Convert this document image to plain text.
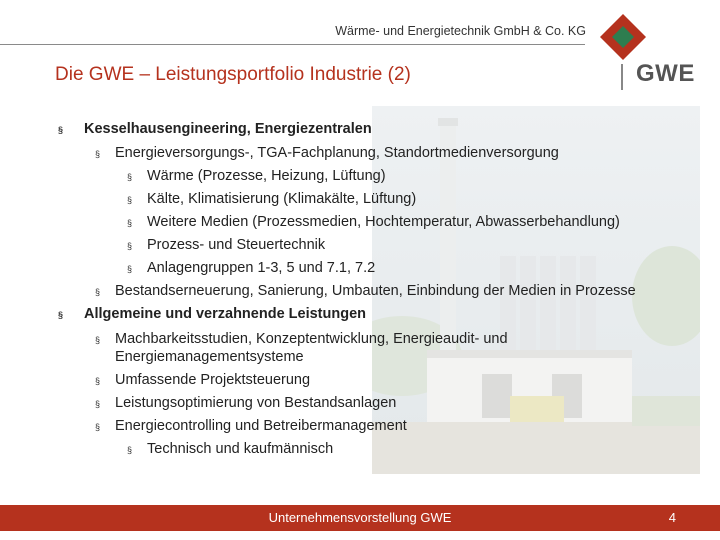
Wärme- und Energietechnik GmbH & Co. KG
GWE
Die GWE – Leistungsportfolio Industrie (2)
§ Kesselhausengineering, Energiezentralen
§ Energieversorgungs-, TGA-Fachplanung, Standortmedienversorgung
§ Wärme (Prozesse, Heizung, Lüftung)
§ Kälte, Klimatisierung (Klimakälte, Lüftung)
§ Weitere Medien (Prozessmedien, Hochtemperatur, Abwasserbehandlung)
§ Prozess- und Steuertechnik
§ Anlagengruppen 1-3, 5 und 7.1, 7.2
§ Bestandserneuerung, Sanierung, Umbauten, Einbindung der Medien in Prozesse
§ Allgemeine und verzahnende Leistungen
§ Machbarkeitsstudien, Konzeptentwicklung, Energieaudit- und
Energiemanagementsysteme
§ Umfassende Projektsteuerung
§ Leistungsoptimierung von Bestandsanlagen
§ Energiecontrolling und Betreibermanagement
§ Technisch und kaufmännisch
Unternehmensvorstellung GWE	4
